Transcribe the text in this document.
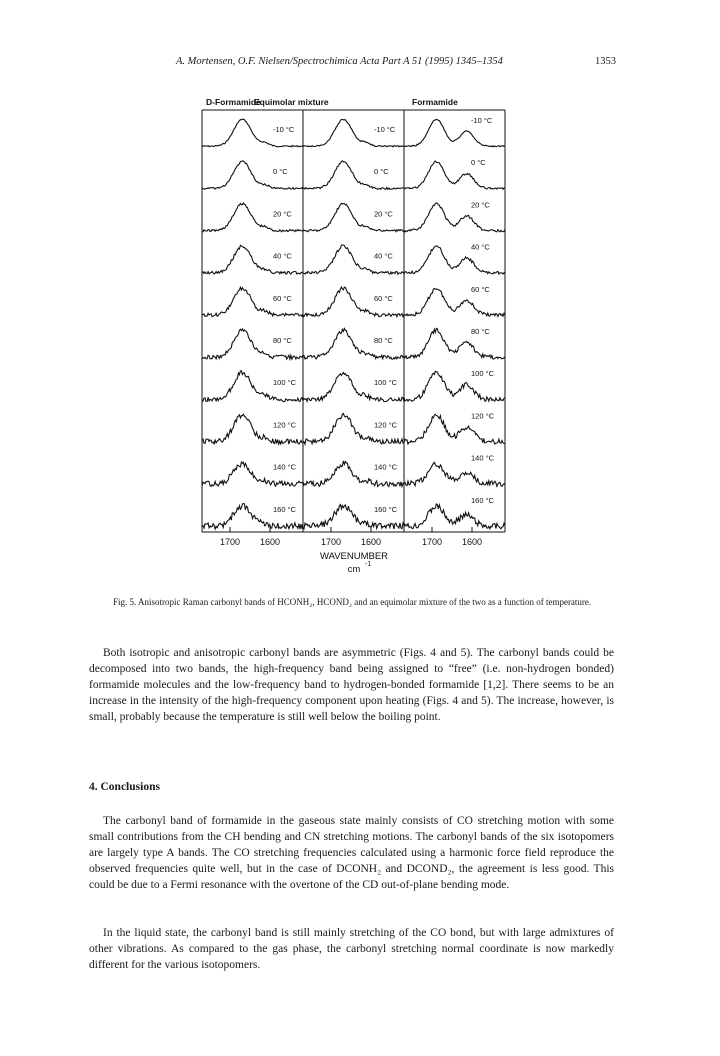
A. Mortensen, O.F. Nielsen/Spectrochimica Acta Part A 51 (1995) 1345–1354	1353
D-Formamide
Equimolar mixture	Formamide
-10 °C
0 °C
20 °C
40 °C
60 °C
80 °C
100 °C
120 °C
140 °C
160 °C
-10 °C
0 °C
20 °C
40 °C
60 °C
80 °C
100 °C
120 °C
140 °C
160 °C
-10 °C
0 °C
20 °C
40 °C
60 °C
80 °C
100 °C
120 °C
140 °C
160 °C
1700 1600	1700 1600	1700 1600
WAVENUMBER
cm -1
Fig. 5. Anisotropic Raman carbonyl bands of HCONH₂, HCOND₂ and an equimolar mixture of the two as a function of temperature.

Both isotropic and anisotropic carbonyl bands are asymmetric (Figs. 4 and 5). The carbonyl bands could be decomposed into two bands, the high-frequency band being assigned to “free” (i.e. non-hydrogen bonded) formamide molecules and the low-frequency band to hydrogen-bonded formamide [1,2]. There seems to be an increase in the intensity of the high-frequency component upon heating (Figs. 4 and 5). The increase, however, is small, probably because the temperature is still well below the boiling point.

4. Conclusions

The carbonyl band of formamide in the gaseous state mainly consists of CO stretching motion with some small contributions from the CH bending and CN stretching motions. The carbonyl bands of the six isotopomers are largely type A bands. The CO stretching frequencies calculated using a harmonic force field reproduce the observed frequencies quite well, but in the case of DCONH₂ and DCOND₂, the agreement is less good. This could be due to a Fermi resonance with the overtone of the CD out-of-plane bending mode.

In the liquid state, the carbonyl band is still mainly stretching of the CO bond, but with large admixtures of other vibrations. As compared to the gas phase, the carbonyl stretching normal coordinate is now markedly different for the various isotopomers.
